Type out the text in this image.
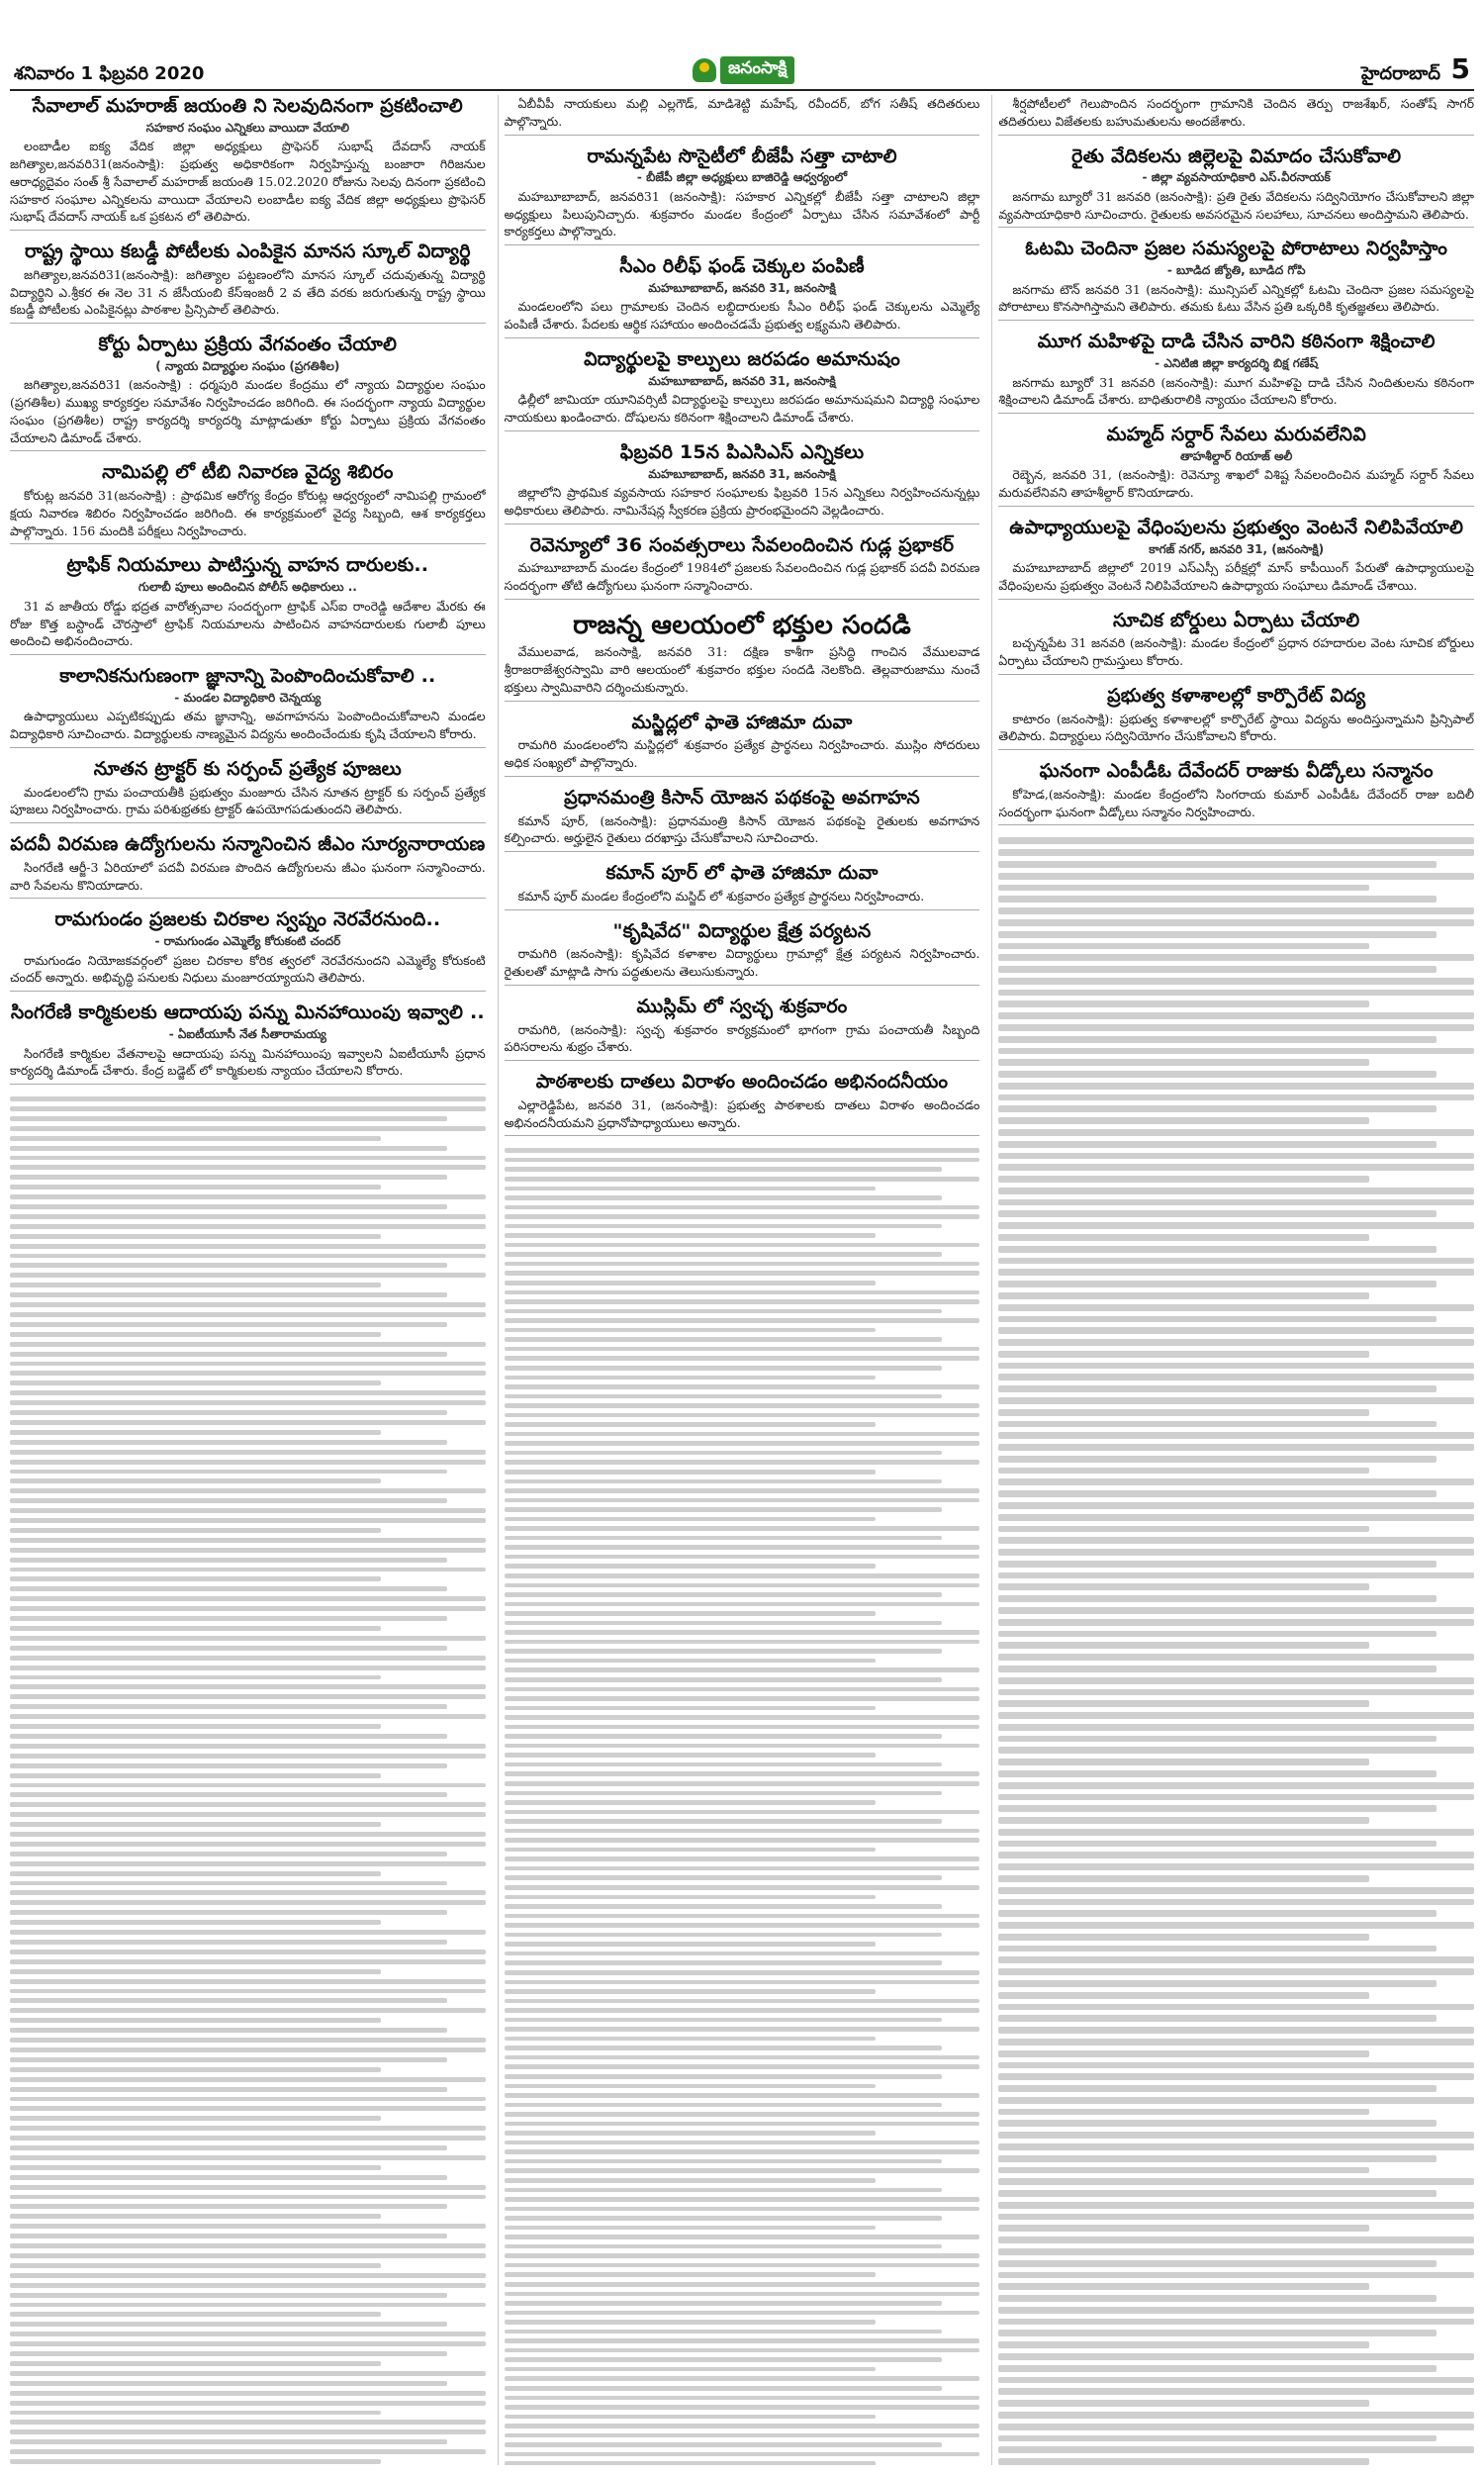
శనివారం 1 ఫిబ్రవరి 2020	జనంసాక్షి	హైదరాబాద్ 5
సేవాలాల్ మహరాజ్ జయంతి ని సెలవుదినంగా ప్రకటించాలి
సహకార సంఘం ఎన్నికలు వాయిదా వేయాలి

లంబాడీల ఐక్య వేదిక జిల్లా అధ్యక్షులు ప్రొఫెసర్ సుభాష్ దేవదాస్ నాయక్ జగిత్యాల,జనవరి31(జనంసాక్షి): ప్రభుత్వ అధికారికంగా నిర్వహిస్తున్న బంజారా గిరిజనుల ఆరాధ్యదైవం సంత్ శ్రీ సేవాలాల్ మహరాజ్ జయంతి 15.02.2020 రోజును సెలవు దినంగా ప్రకటించి సహకార సంఘాల ఎన్నికలను వాయిదా వేయాలని లంబాడీల ఐక్య వేదిక జిల్లా అధ్యక్షులు ప్రొఫెసర్ సుభాష్ దేవదాస్ నాయక్ ఒక ప్రకటన లో తెలిపారు.

రాష్ట్ర స్థాయి కబడ్డీ పోటీలకు ఎంపికైన మానస స్కూల్ విద్యార్థి

జగిత్యాల,జనవరి31(జనంసాక్షి): జగిత్యాల పట్టణంలోని మానస స్కూల్ చదువుతున్న విద్యార్థి విద్యార్థిని ఎ.శ్రీకర ఈ నెల 31 న జేసీయంబి కేస్ఇంజరీ 2 వ తేది వరకు జరుగుతున్న రాష్ట్ర స్థాయి కబడ్డీ పోటీలకు ఎంపికైనట్లు పాఠశాల ప్రిన్సిపాల్ తెలిపారు.

కోర్టు ఏర్పాటు ప్రక్రియ వేగవంతం చేయాలి
( న్యాయ విద్యార్థుల సంఘం (ప్రగతిశీల)

జగిత్యాల,జనవరి31 (జనంసాక్షి) : ధర్మపురి మండల కేంద్రము లో న్యాయ విద్యార్థుల సంఘం (ప్రగతిశీల) ముఖ్య కార్యకర్తల సమావేశం నిర్వహించడం జరిగింది. ఈ సందర్భంగా న్యాయ విద్యార్థుల సంఘం (ప్రగతిశీల) రాష్ట్ర కార్యదర్శి కార్యదర్శి మాట్లాడుతూ కోర్టు ఏర్పాటు ప్రక్రియ వేగవంతం చేయాలని డిమాండ్ చేశారు.

నామిపల్లి లో టీబి నివారణ వైద్య శిబిరం

కోరుట్ల జనవరి 31(జనంసాక్షి) : ప్రాథమిక ఆరోగ్య కేంద్రం కోరుట్ల ఆధ్వర్యంలో నామిపల్లి గ్రామంలో క్షయ నివారణ శిబిరం నిర్వహించడం జరిగింది. ఈ కార్యక్రమంలో వైద్య సిబ్బంది, ఆశ కార్యకర్తలు పాల్గొన్నారు. 156 మందికి పరీక్షలు నిర్వహించారు.

ట్రాఫిక్ నియమాలు పాటిస్తున్న వాహన దారులకు..
గులాబీ పూలు అందించిన పోలీస్ అధికారులు ..

31 వ జాతీయ రోడ్డు భద్రత వారోత్సవాల సందర్భంగా ట్రాఫిక్ ఎస్ఐ రాంరెడ్డి ఆదేశాల మేరకు ఈ రోజు కొత్త బస్టాండ్ చౌరస్తాలో ట్రాఫిక్ నియమాలను పాటించిన వాహనదారులకు గులాబీ పూలు అందించి అభినందించారు.

కాలానికనుగుణంగా జ్ఞానాన్ని పెంపొందించుకోవాలి ..
- మండల విద్యాధికారి చెన్నయ్య

ఉపాధ్యాయులు ఎప్పటికప్పుడు తమ జ్ఞానాన్ని, అవగాహనను పెంపొందించుకోవాలని మండల విద్యాధికారి సూచించారు. విద్యార్థులకు నాణ్యమైన విద్యను అందించేందుకు కృషి చేయాలని కోరారు.

నూతన ట్రాక్టర్ కు సర్పంచ్ ప్రత్యేక పూజలు

మండలంలోని గ్రామ పంచాయతీకి ప్రభుత్వం మంజూరు చేసిన నూతన ట్రాక్టర్ కు సర్పంచ్ ప్రత్యేక పూజలు నిర్వహించారు. గ్రామ పరిశుభ్రతకు ట్రాక్టర్ ఉపయోగపడుతుందని తెలిపారు.

పదవీ విరమణ ఉద్యోగులను సన్మానించిన జీఎం సూర్యనారాయణ

సింగరేణి ఆర్జీ-3 ఏరియాలో పదవీ విరమణ పొందిన ఉద్యోగులను జీఎం ఘనంగా సన్మానించారు. వారి సేవలను కొనియాడారు.

రామగుండం ప్రజలకు చిరకాల స్వప్నం నెరవేరనుంది..
- రామగుండం ఎమ్మెల్యే కోరుకంటి చందర్

రామగుండం నియోజకవర్గంలో ప్రజల చిరకాల కోరిక త్వరలో నెరవేరనుందని ఎమ్మెల్యే కోరుకంటి చందర్ అన్నారు. అభివృద్ధి పనులకు నిధులు మంజూరయ్యాయని తెలిపారు.

సింగరేణి కార్మికులకు ఆదాయపు పన్ను మినహాయింపు ఇవ్వాలి ..
- ఏఐటీయూసీ నేత సీతారామయ్య

సింగరేణి కార్మికుల వేతనాలపై ఆదాయపు పన్ను మినహాయింపు ఇవ్వాలని ఏఐటీయూసీ ప్రధాన కార్యదర్శి డిమాండ్ చేశారు. కేంద్ర బడ్జెట్ లో కార్మికులకు న్యాయం చేయాలని కోరారు.

ఏబీవీపీ నాయకులు మల్లి ఎల్లగౌడ్, మాడిశెట్టి మహేష్, రవీందర్, బోగ సతీష్ తదితరులు పాల్గొన్నారు.

రామన్నపేట సొసైటీలో బీజేపీ సత్తా చాటాలి
- బీజేపీ జిల్లా అధ్యక్షులు బాజిరెడ్డి ఆధ్వర్యంలో

మహబూబాబాద్, జనవరి31 (జనంసాక్షి): సహకార ఎన్నికల్లో బీజేపీ సత్తా చాటాలని జిల్లా అధ్యక్షులు పిలుపునిచ్చారు. శుక్రవారం మండల కేంద్రంలో ఏర్పాటు చేసిన సమావేశంలో పార్టీ కార్యకర్తలు పాల్గొన్నారు.

సీఎం రిలీఫ్ ఫండ్ చెక్కుల పంపిణీ
మహబూబాబాద్, జనవరి 31, జనంసాక్షి

మండలంలోని పలు గ్రామాలకు చెందిన లబ్ధిదారులకు సీఎం రిలీఫ్ ఫండ్ చెక్కులను ఎమ్మెల్యే పంపిణీ చేశారు. పేదలకు ఆర్థిక సహాయం అందించడమే ప్రభుత్వ లక్ష్యమని తెలిపారు.

విద్యార్థులపై కాల్పులు జరపడం అమానుషం
మహబూబాబాద్, జనవరి 31, జనంసాక్షి

ఢిల్లీలో జామియా యూనివర్సిటీ విద్యార్థులపై కాల్పులు జరపడం అమానుషమని విద్యార్థి సంఘాల నాయకులు ఖండించారు. దోషులను కఠినంగా శిక్షించాలని డిమాండ్ చేశారు.

ఫిబ్రవరి 15న పిఎసిఎస్ ఎన్నికలు
మహబూబాబాద్, జనవరి 31, జనంసాక్షి

జిల్లాలోని ప్రాథమిక వ్యవసాయ సహకార సంఘాలకు ఫిబ్రవరి 15న ఎన్నికలు నిర్వహించనున్నట్లు అధికారులు తెలిపారు. నామినేషన్ల స్వీకరణ ప్రక్రియ ప్రారంభమైందని వెల్లడించారు.

రెవెన్యూలో 36 సంవత్సరాలు సేవలందించిన గుడ్ల ప్రభాకర్

మహబూబాబాద్ మండల కేంద్రంలో 1984లో ప్రజలకు సేవలందించిన గుడ్ల ప్రభాకర్ పదవీ విరమణ సందర్భంగా తోటి ఉద్యోగులు ఘనంగా సన్మానించారు.

రాజన్న ఆలయంలో భక్తుల సందడి

వేములవాడ, జనంసాక్షి, జనవరి 31: దక్షిణ కాశీగా ప్రసిద్ధి గాంచిన వేములవాడ శ్రీరాజరాజేశ్వరస్వామి వారి ఆలయంలో శుక్రవారం భక్తుల సందడి నెలకొంది. తెల్లవారుజాము నుంచే భక్తులు స్వామివారిని దర్శించుకున్నారు.

మస్జిద్లలో ఫాతె హాజిమా దువా

రామగిరి మండలంలోని మస్జిద్లలో శుక్రవారం ప్రత్యేక ప్రార్థనలు నిర్వహించారు. ముస్లిం సోదరులు అధిక సంఖ్యలో పాల్గొన్నారు.

ప్రధానమంత్రి కిసాన్ యోజన పథకంపై అవగాహన

కమాన్ పూర్, (జనంసాక్షి): ప్రధానమంత్రి కిసాన్ యోజన పథకంపై రైతులకు అవగాహన కల్పించారు. అర్హులైన రైతులు దరఖాస్తు చేసుకోవాలని సూచించారు.

కమాన్ పూర్ లో ఫాతె హాజిమా దువా

కమాన్ పూర్ మండల కేంద్రంలోని మస్జిద్ లో శుక్రవారం ప్రత్యేక ప్రార్థనలు నిర్వహించారు.

"కృషివేద" విద్యార్థుల క్షేత్ర పర్యటన

రామగిరి (జనంసాక్షి): కృషివేద కళాశాల విద్యార్థులు గ్రామాల్లో క్షేత్ర పర్యటన నిర్వహించారు. రైతులతో మాట్లాడి సాగు పద్ధతులను తెలుసుకున్నారు.

ముస్లిమ్ లో స్వచ్ఛ శుక్రవారం

రామగిరి, (జనంసాక్షి): స్వచ్ఛ శుక్రవారం కార్యక్రమంలో భాగంగా గ్రామ పంచాయతీ సిబ్బంది పరిసరాలను శుభ్రం చేశారు.

పాఠశాలకు దాతలు విరాళం అందించడం అభినందనీయం

ఎల్లారెడ్డిపేట, జనవరి 31, (జనంసాక్షి): ప్రభుత్వ పాఠశాలకు దాతలు విరాళం అందించడం అభినందనీయమని ప్రధానోపాధ్యాయులు అన్నారు.

శీర్షపోటీలలో గెలుపొందిన సందర్భంగా గ్రామానికి చెందిన తెర్పు రాజశేఖర్, సంతోష్ సాగర్ తదితరులు విజేతలకు బహుమతులను అందజేశారు.

రైతు వేదికలను జిల్లెలపై విమాదం చేసుకోవాలి
- జిల్లా వ్యవసాయాధికారి ఎస్.వీరనాయక్

జనగామ బ్యూరో 31 జనవరి (జనంసాక్షి): ప్రతి రైతు వేదికలను సద్వినియోగం చేసుకోవాలని జిల్లా వ్యవసాయాధికారి సూచించారు. రైతులకు అవసరమైన సలహాలు, సూచనలు అందిస్తామని తెలిపారు.

ఓటమి చెందినా ప్రజల సమస్యలపై పోరాటాలు నిర్వహిస్తాం
- బూడిద జ్యోతి, బూడిద గోపి

జనగామ టౌన్ జనవరి 31 (జనంసాక్షి): మున్సిపల్ ఎన్నికల్లో ఓటమి చెందినా ప్రజల సమస్యలపై పోరాటాలు కొనసాగిస్తామని తెలిపారు. తమకు ఓటు వేసిన ప్రతి ఒక్కరికి కృతజ్ఞతలు తెలిపారు.

మూగ మహిళపై దాడి చేసిన వారిని కఠినంగా శిక్షించాలి
- ఎనిటిజి జిల్లా కార్యదర్శి బిక్ష గణేష్

జనగామ బ్యూరో 31 జనవరి (జనంసాక్షి): మూగ మహిళపై దాడి చేసిన నిందితులను కఠినంగా శిక్షించాలని డిమాండ్ చేశారు. బాధితురాలికి న్యాయం చేయాలని కోరారు.

మహ్మద్ సర్దార్ సేవలు మరువలేనివి
తాహశీల్దార్ రియాజ్ అలీ

రెబ్బెన, జనవరి 31, (జనంసాక్షి): రెవెన్యూ శాఖలో విశిష్ట సేవలందించిన మహ్మద్ సర్దార్ సేవలు మరువలేనివని తాహశీల్దార్ కొనియాడారు.

ఉపాధ్యాయులపై వేధింపులను ప్రభుత్వం వెంటనే నిలిపివేయాలి
కాగజ్ నగర్, జనవరి 31, (జనంసాక్షి)

మహబూబాబాద్ జిల్లాలో 2019 ఎస్ఎస్సీ పరీక్షల్లో మాస్ కాపీయింగ్ పేరుతో ఉపాధ్యాయులపై వేధింపులను ప్రభుత్వం వెంటనే నిలిపివేయాలని ఉపాధ్యాయ సంఘాలు డిమాండ్ చేశాయి.

సూచిక బోర్డులు ఏర్పాటు చేయాలి

బచ్చన్నపేట 31 జనవరి (జనంసాక్షి): మండల కేంద్రంలో ప్రధాన రహదారుల వెంట సూచిక బోర్డులు ఏర్పాటు చేయాలని గ్రామస్తులు కోరారు.

ప్రభుత్వ కళాశాలల్లో కార్పొరేట్ విద్య

కాటారం (జనంసాక్షి): ప్రభుత్వ కళాశాలల్లో కార్పొరేట్ స్థాయి విద్యను అందిస్తున్నామని ప్రిన్సిపాల్ తెలిపారు. విద్యార్థులు సద్వినియోగం చేసుకోవాలని కోరారు.

ఘనంగా ఎంపీడీఓ దేవేందర్ రాజుకు వీడ్కోలు సన్మానం

కోహెడ,(జనంసాక్షి): మండల కేంద్రంలోని సింగరాయ కుమార్ ఎంపీడీఓ దేవేందర్ రాజు బదిలీ సందర్భంగా ఘనంగా వీడ్కోలు సన్మానం నిర్వహించారు.
